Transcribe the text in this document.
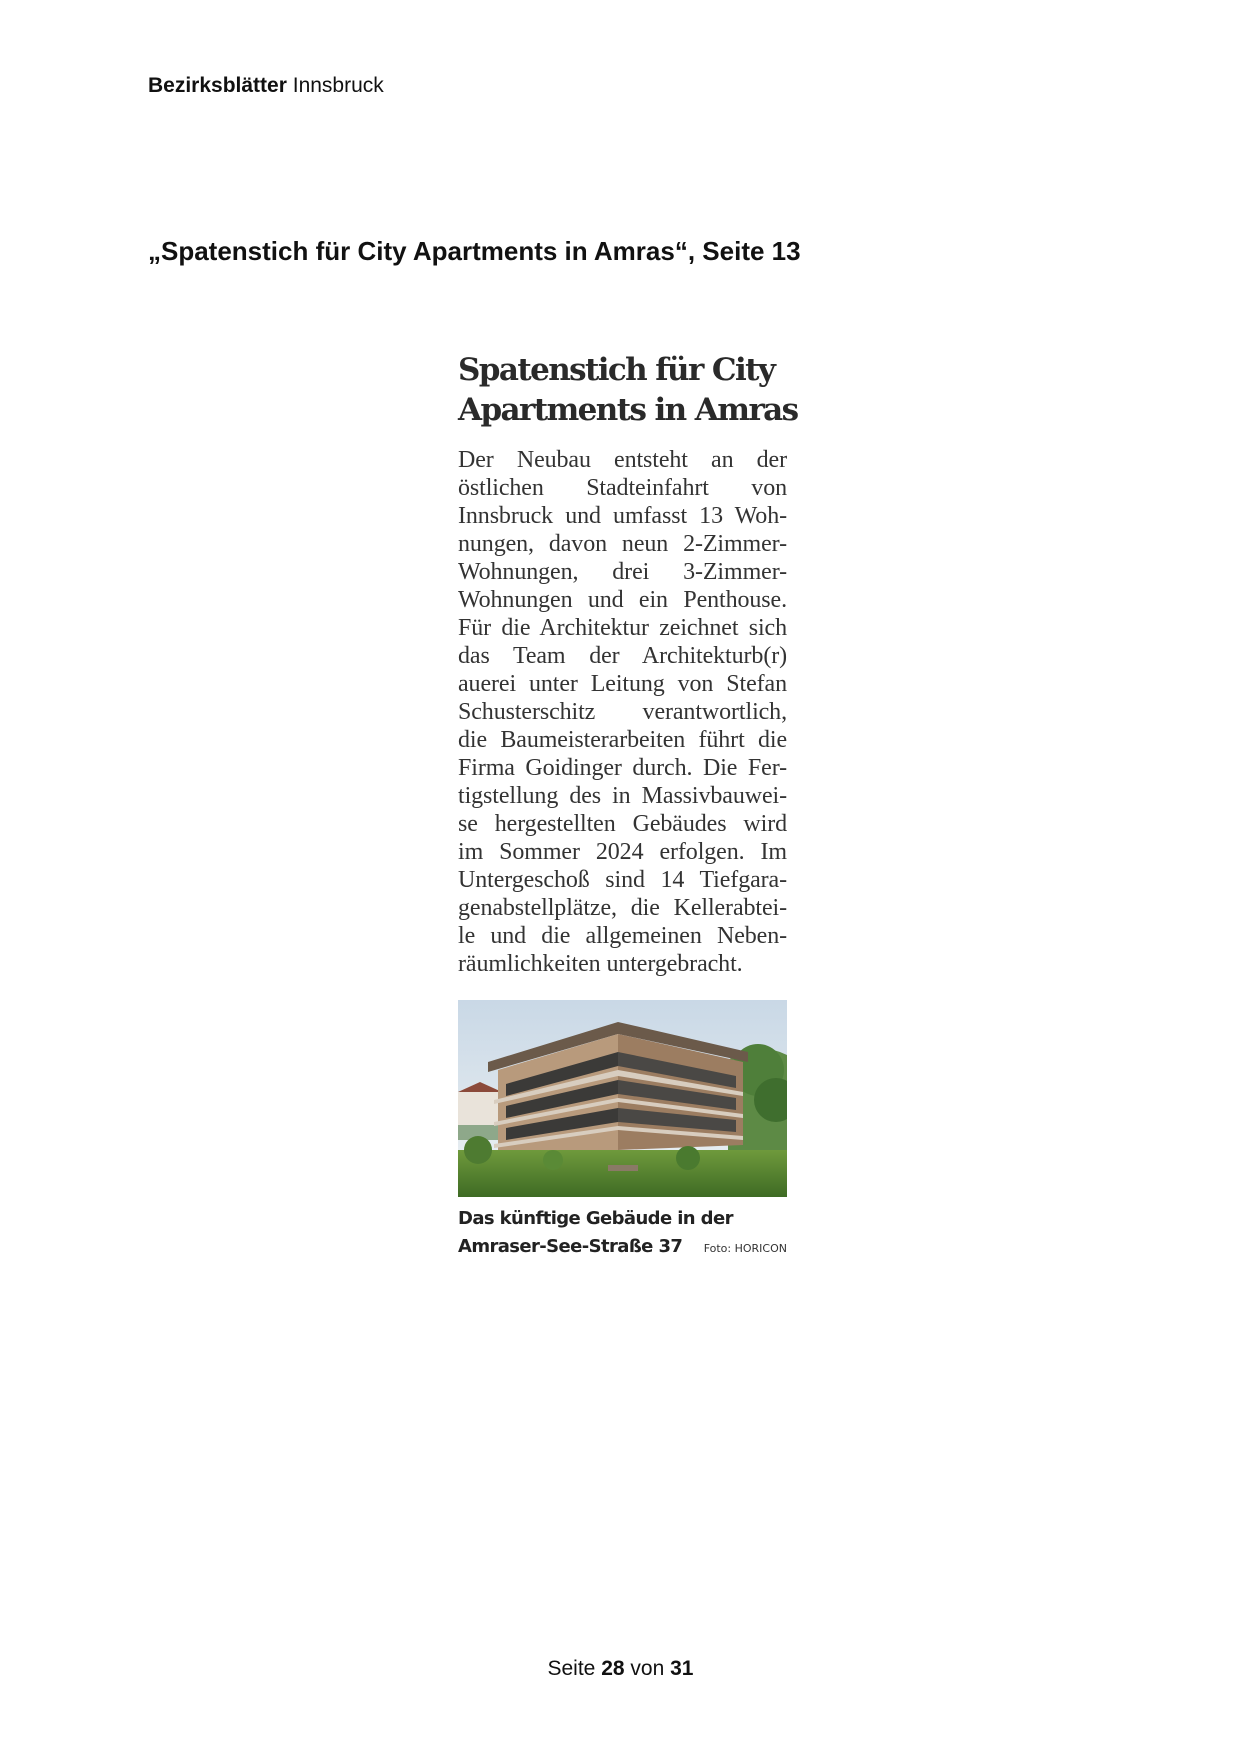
Bezirksblätter Innsbruck
„Spatenstich für City Apartments in Amras“, Seite 13
Spatenstich für City
Apartments in Amras
Der Neubau entsteht an der
östlichen Stadteinfahrt von
Innsbruck und umfasst 13 Woh-
nungen, davon neun 2-Zimmer-
Wohnungen, drei 3-Zimmer-
Wohnungen und ein Penthouse.
Für die Architektur zeichnet sich
das Team der Architekturb(r)
auerei unter Leitung von Stefan
Schusterschitz verantwortlich,
die Baumeisterarbeiten führt die
Firma Goidinger durch. Die Fer-
tigstellung des in Massivbauwei-
se hergestellten Gebäudes wird
im Sommer 2024 erfolgen. Im
Untergeschoß sind 14 Tiefgara-
genabstellplätze, die Kellerabtei-
le und die allgemeinen Neben-
räumlichkeiten untergebracht.
Das künftige Gebäude in der
Amraser-See-Straße 37 Foto: HORICON
Seite 28 von 31
